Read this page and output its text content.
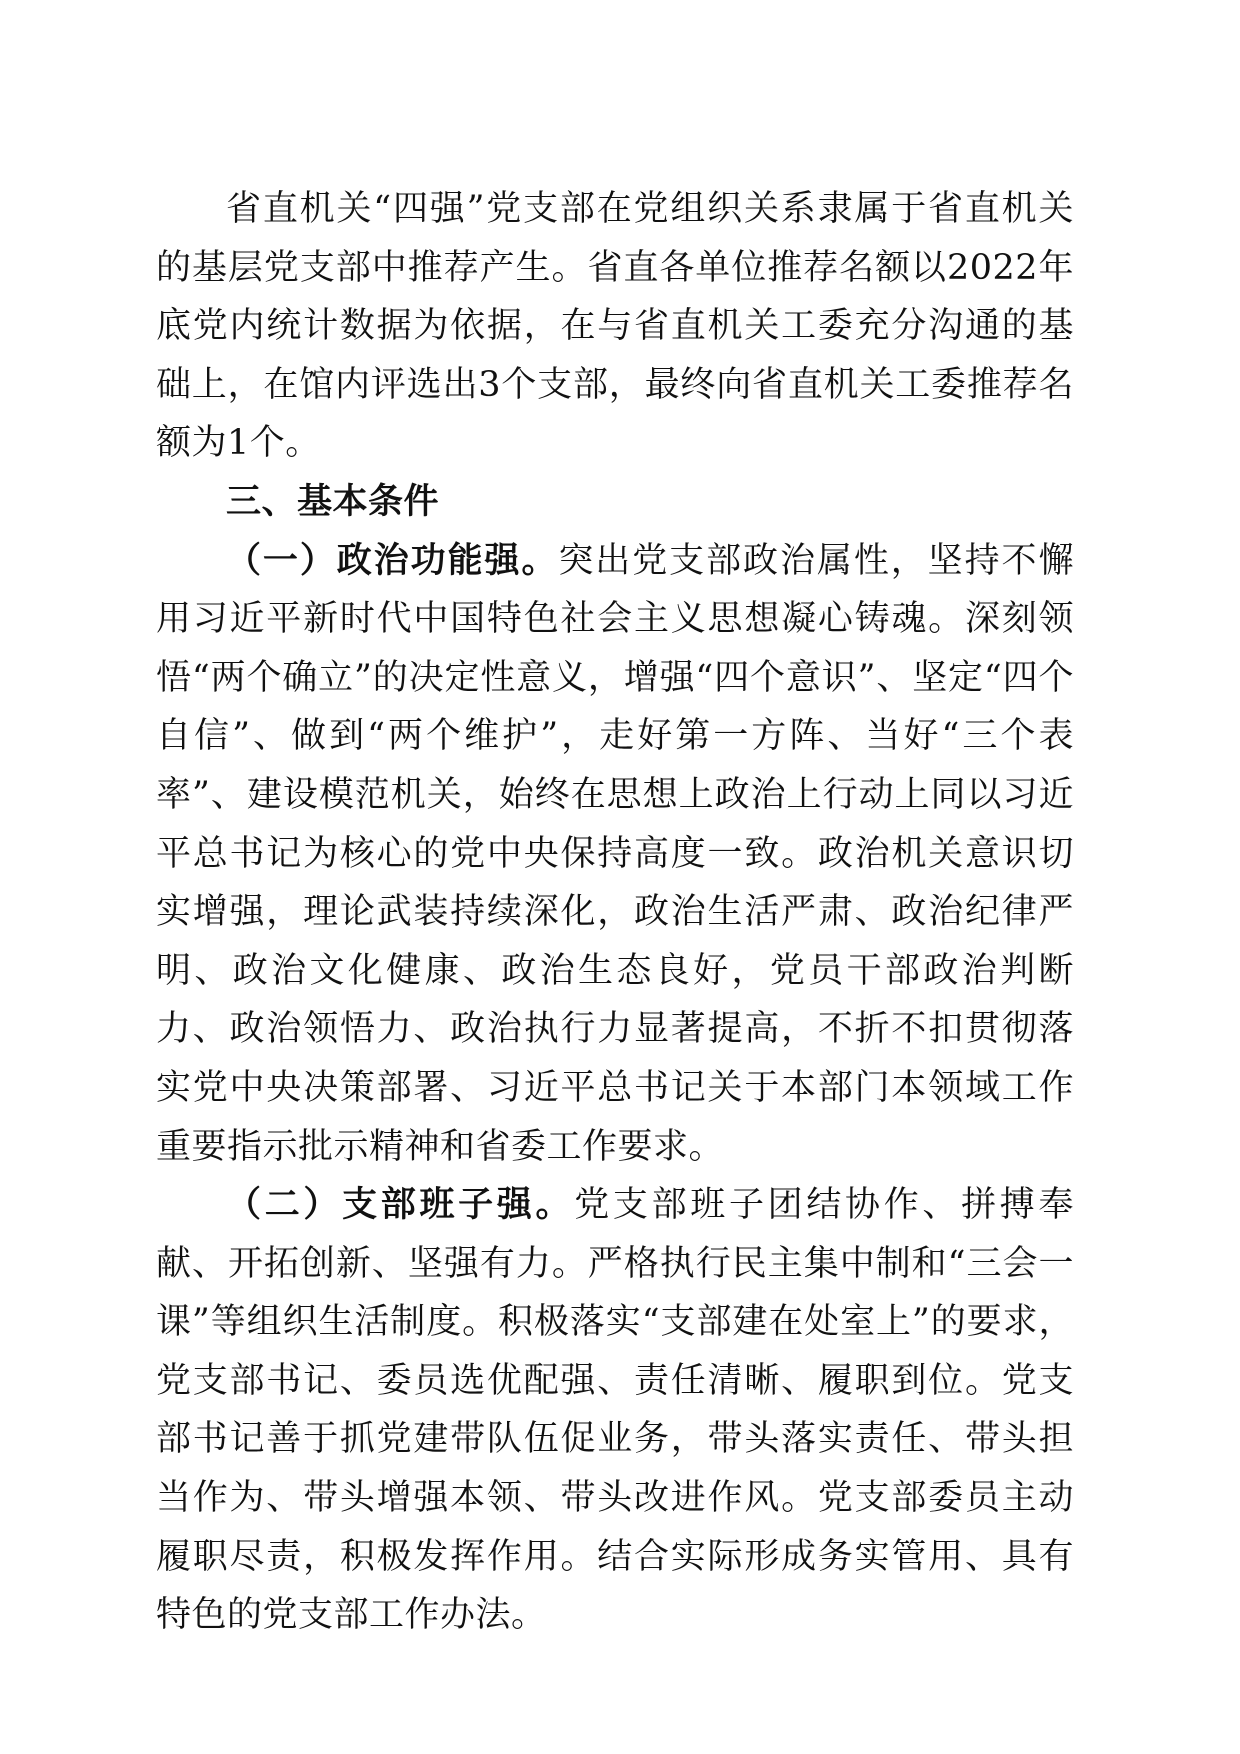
省直机关“四强”党支部在党组织关系隶属于省直机关的基层党支部中推荐产生。省直各单位推荐名额以2022年底党内统计数据为依据，在与省直机关工委充分沟通的基础上，在馆内评选出3个支部，最终向省直机关工委推荐名额为1个。

三、基本条件

（一）政治功能强。突出党支部政治属性，坚持不懈用习近平新时代中国特色社会主义思想凝心铸魂。深刻领悟“两个确立”的决定性意义，增强“四个意识”、坚定“四个自信”、做到“两个维护”，走好第一方阵、当好“三个表率”、建设模范机关，始终在思想上政治上行动上同以习近平总书记为核心的党中央保持高度一致。政治机关意识切实增强，理论武装持续深化，政治生活严肃、政治纪律严明、政治文化健康、政治生态良好，党员干部政治判断力、政治领悟力、政治执行力显著提高，不折不扣贯彻落实党中央决策部署、习近平总书记关于本部门本领域工作重要指示批示精神和省委工作要求。

（二）支部班子强。党支部班子团结协作、拼搏奉献、开拓创新、坚强有力。严格执行民主集中制和“三会一课”等组织生活制度。积极落实“支部建在处室上”的要求，党支部书记、委员选优配强、责任清晰、履职到位。党支部书记善于抓党建带队伍促业务，带头落实责任、带头担当作为、带头增强本领、带头改进作风。党支部委员主动履职尽责，积极发挥作用。结合实际形成务实管用、具有特色的党支部工作办法。
